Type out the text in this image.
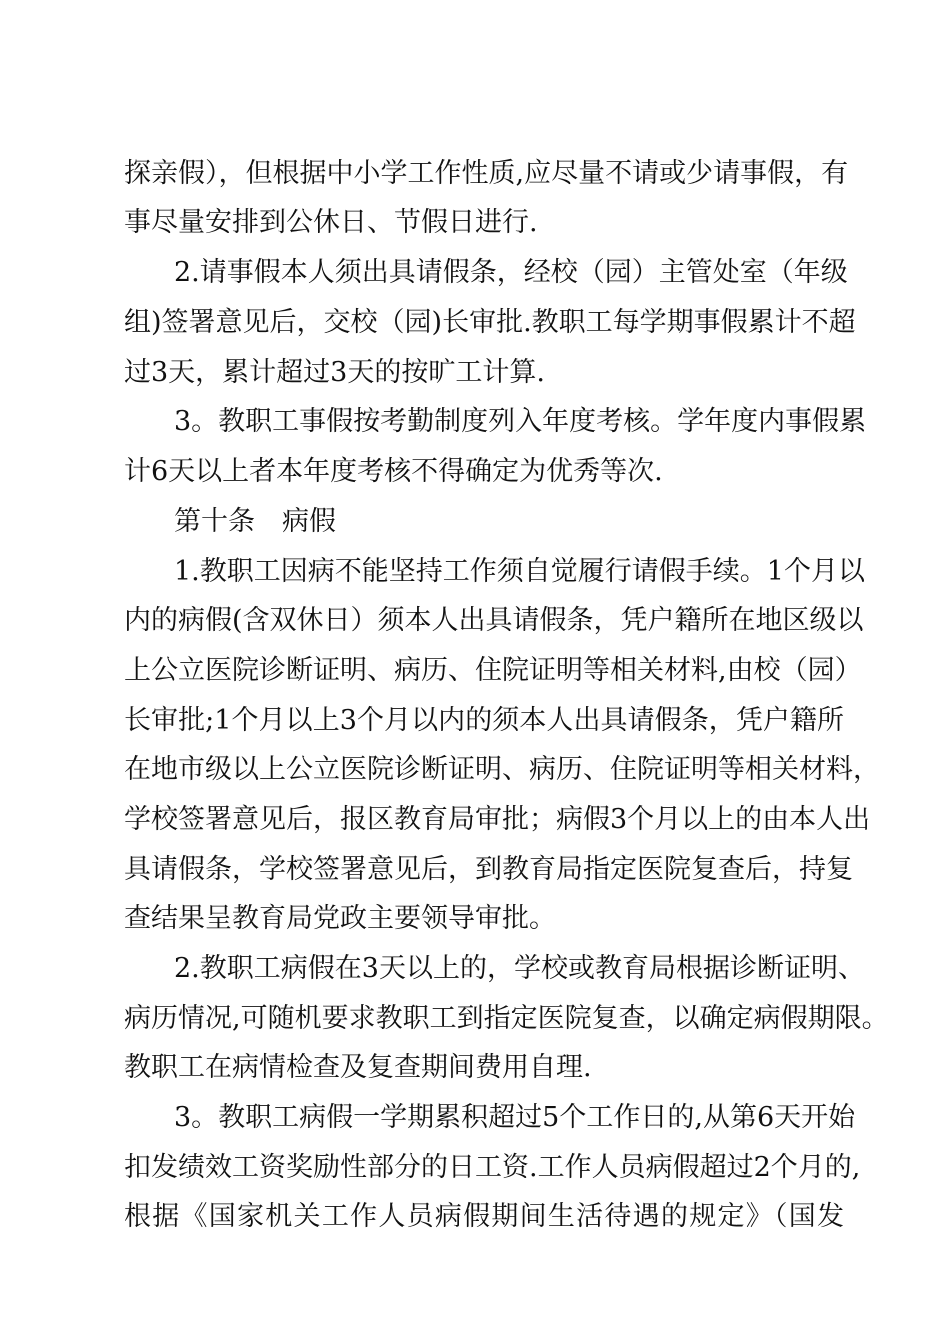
探亲假），但根据中小学工作性质,应尽量不请或少请事假，有
事尽量安排到公休日、节假日进行.
2.请事假本人须出具请假条，经校（园）主管处室（年级
组)签署意见后，交校（园)长审批.教职工每学期事假累计不超
过3天，累计超过3天的按旷工计算.
3。教职工事假按考勤制度列入年度考核。学年度内事假累
计6天以上者本年度考核不得确定为优秀等次.
第十条　病假
1.教职工因病不能坚持工作须自觉履行请假手续。1个月以
内的病假(含双休日）须本人出具请假条，凭户籍所在地区级以
上公立医院诊断证明、病历、住院证明等相关材料,由校（园）
长审批;1个月以上3个月以内的须本人出具请假条，凭户籍所
在地市级以上公立医院诊断证明、病历、住院证明等相关材料，
学校签署意见后，报区教育局审批；病假3个月以上的由本人出
具请假条，学校签署意见后，到教育局指定医院复查后，持复
查结果呈教育局党政主要领导审批。
2.教职工病假在3天以上的，学校或教育局根据诊断证明、
病历情况,可随机要求教职工到指定医院复查，以确定病假期限。
教职工在病情检查及复查期间费用自理.
3。教职工病假一学期累积超过5个工作日的,从第6天开始
扣发绩效工资奖励性部分的日工资.工作人员病假超过2个月的,
根据《国家机关工作人员病假期间生活待遇的规定》（国发
